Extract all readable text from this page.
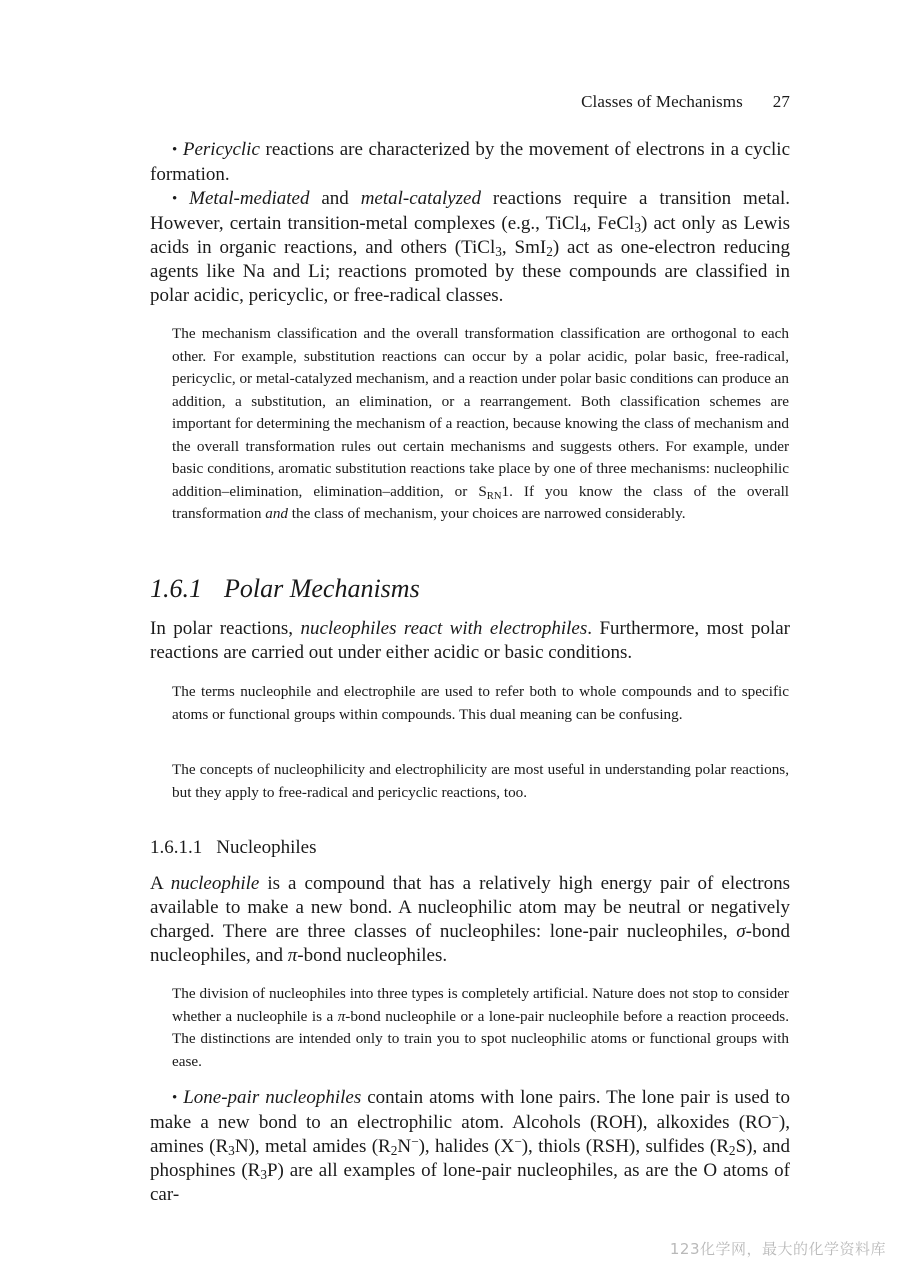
Classes of Mechanisms 27

• Pericyclic reactions are characterized by the movement of electrons in a cyclic formation.

• Metal-mediated and metal-catalyzed reactions require a transition metal. However, certain transition-metal complexes (e.g., TiCl$_4$, FeCl$_3$) act only as Lewis acids in organic reactions, and others (TiCl$_3$, SmI$_2$) act as one-electron reducing agents like Na and Li; reactions promoted by these compounds are classified in polar acidic, pericyclic, or free-radical classes.

The mechanism classification and the overall transformation classification are orthogonal to each other. For example, substitution reactions can occur by a polar acidic, polar basic, free-radical, pericyclic, or metal-catalyzed mechanism, and a reaction under polar basic conditions can produce an addition, a substitution, an elimination, or a rearrangement. Both classification schemes are important for determining the mechanism of a reaction, because knowing the class of mechanism and the overall transformation rules out certain mechanisms and suggests others. For example, under basic conditions, aromatic substitution reactions take place by one of three mechanisms: nucleophilic addition–elimination, elimination–addition, or $S_{RN}1$. If you know the class of the overall transformation and the class of mechanism, your choices are narrowed considerably.

1.6.1 Polar Mechanisms

In polar reactions, nucleophiles react with electrophiles. Furthermore, most polar reactions are carried out under either acidic or basic conditions.

The terms nucleophile and electrophile are used to refer both to whole compounds and to specific atoms or functional groups within compounds. This dual meaning can be confusing.

The concepts of nucleophilicity and electrophilicity are most useful in understanding polar reactions, but they apply to free-radical and pericyclic reactions, too.

1.6.1.1 Nucleophiles

A nucleophile is a compound that has a relatively high energy pair of electrons available to make a new bond. A nucleophilic atom may be neutral or negatively charged. There are three classes of nucleophiles: lone-pair nucleophiles, σ-bond nucleophiles, and π-bond nucleophiles.

The division of nucleophiles into three types is completely artificial. Nature does not stop to consider whether a nucleophile is a π-bond nucleophile or a lone-pair nucleophile before a reaction proceeds. The distinctions are intended only to train you to spot nucleophilic atoms or functional groups with ease.

• Lone-pair nucleophiles contain atoms with lone pairs. The lone pair is used to make a new bond to an electrophilic atom. Alcohols (ROH), alkoxides (RO−), amines $(R_3N)$, metal amides $(R_2N^-)$, halides (X−), thiols (RSH), sulfides $(R_2S)$, and phosphines $(R_3P)$ are all examples of lone-pair nucleophiles, as are the O atoms of car-

123化学网，最大的化学资料库
